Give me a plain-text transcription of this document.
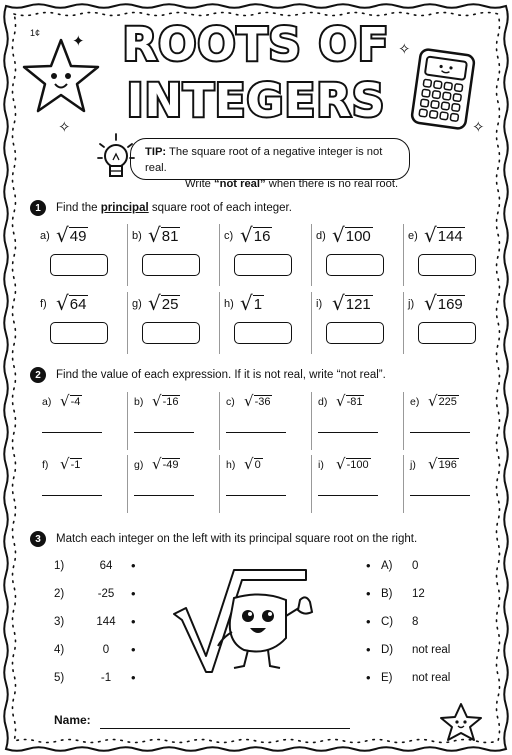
1¢ ROOTS OF
INTEGERS
✦
✧
✧
✧
TIP: The square root of a negative integer is not real.
Write “not real” when there is no real root.
1	Find the principal square root of each integer.
a) √ 49	b) √ 81	c) √ 16	d) √ 100	e) √ 144
f) √ 64	g) √ 25	h) √ 1	i) √ 121	j) √ 169
2	Find the value of each expression. If it is not real, write “not real”.
a) √ -4	b) √ -16	c) √ -36	d) √ -81	e) √ 225
f) √ -1	g) √ -49	h) √ 0	i) √ -100	j) √ 196
3	Match each integer on the left with its principal square root on the right.
1)	64	•	• A)	0
2)	-25	•	• B)	12
3)	144	•	• C)	8
4)	0	•	• D)	not real
5)	-1	•	• E)	not real
Name:
